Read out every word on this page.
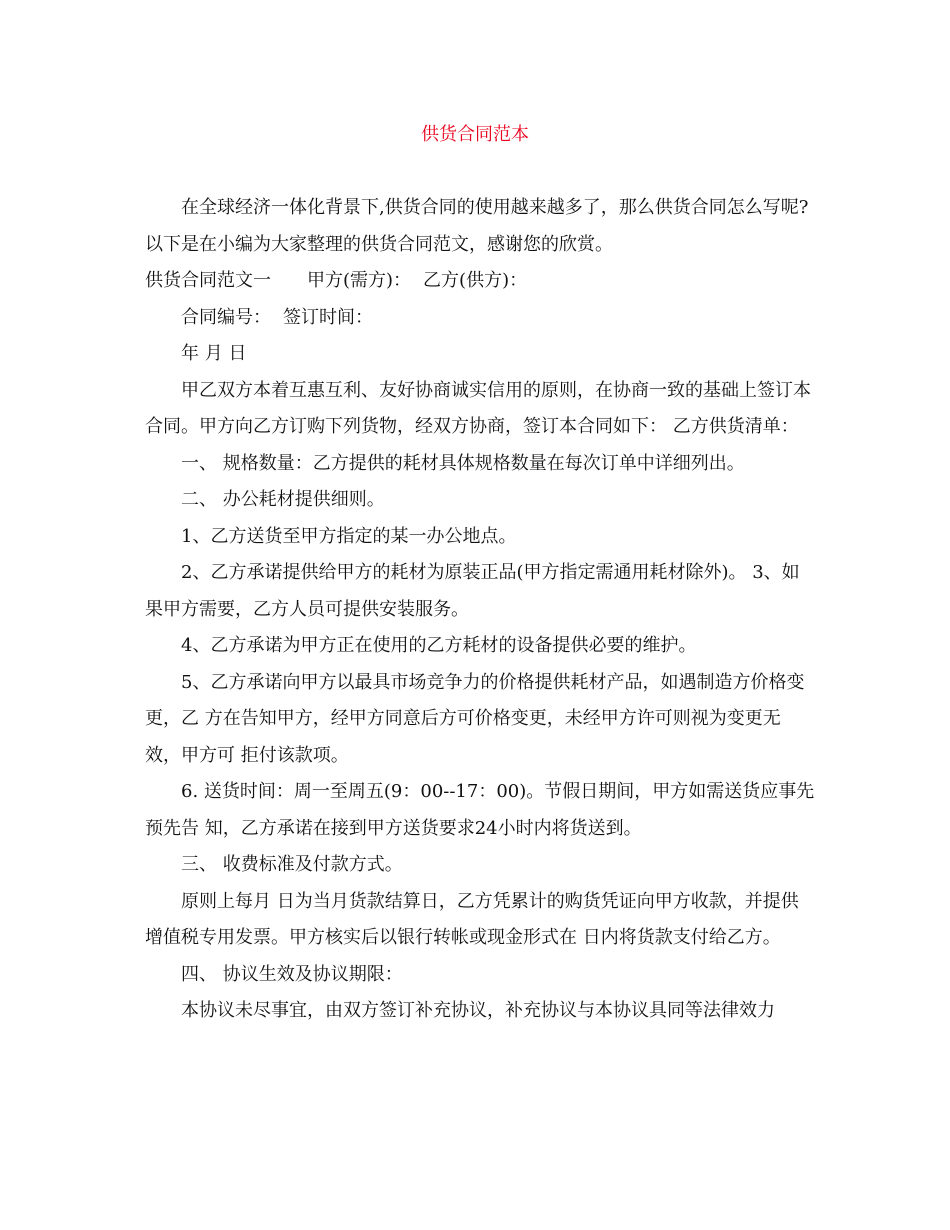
供货合同范本

在全球经济一体化背景下,供货合同的使用越来越多了，那么供货合同怎么写呢?以下是在小编为大家整理的供货合同范文，感谢您的欣赏。

供货合同范文一 甲方(需方)： 乙方(供方)：

合同编号： 签订时间：

年 月 日

甲乙双方本着互惠互利、友好协商诚实信用的原则，在协商一致的基础上签订本合同。甲方向乙方订购下列货物，经双方协商，签订本合同如下： 乙方供货清单：

一、 规格数量：乙方提供的耗材具体规格数量在每次订单中详细列出。

二、 办公耗材提供细则。

1、乙方送货至甲方指定的某一办公地点。

2、乙方承诺提供给甲方的耗材为原装正品(甲方指定需通用耗材除外)。 3、如果甲方需要，乙方人员可提供安装服务。

4、乙方承诺为甲方正在使用的乙方耗材的设备提供必要的维护。

5、乙方承诺向甲方以最具市场竞争力的价格提供耗材产品，如遇制造方价格变更，乙 方在告知甲方，经甲方同意后方可价格变更，未经甲方许可则视为变更无效，甲方可 拒付该款项。

6. 送货时间：周一至周五(9：00--17：00)。节假日期间，甲方如需送货应事先预先告 知，乙方承诺在接到甲方送货要求24小时内将货送到。

三、 收费标准及付款方式。

原则上每月 日为当月货款结算日，乙方凭累计的购货凭证向甲方收款，并提供增值税专用发票。甲方核实后以银行转帐或现金形式在 日内将货款支付给乙方。

四、 协议生效及协议期限：

本协议未尽事宜，由双方签订补充协议，补充协议与本协议具同等法律效力
